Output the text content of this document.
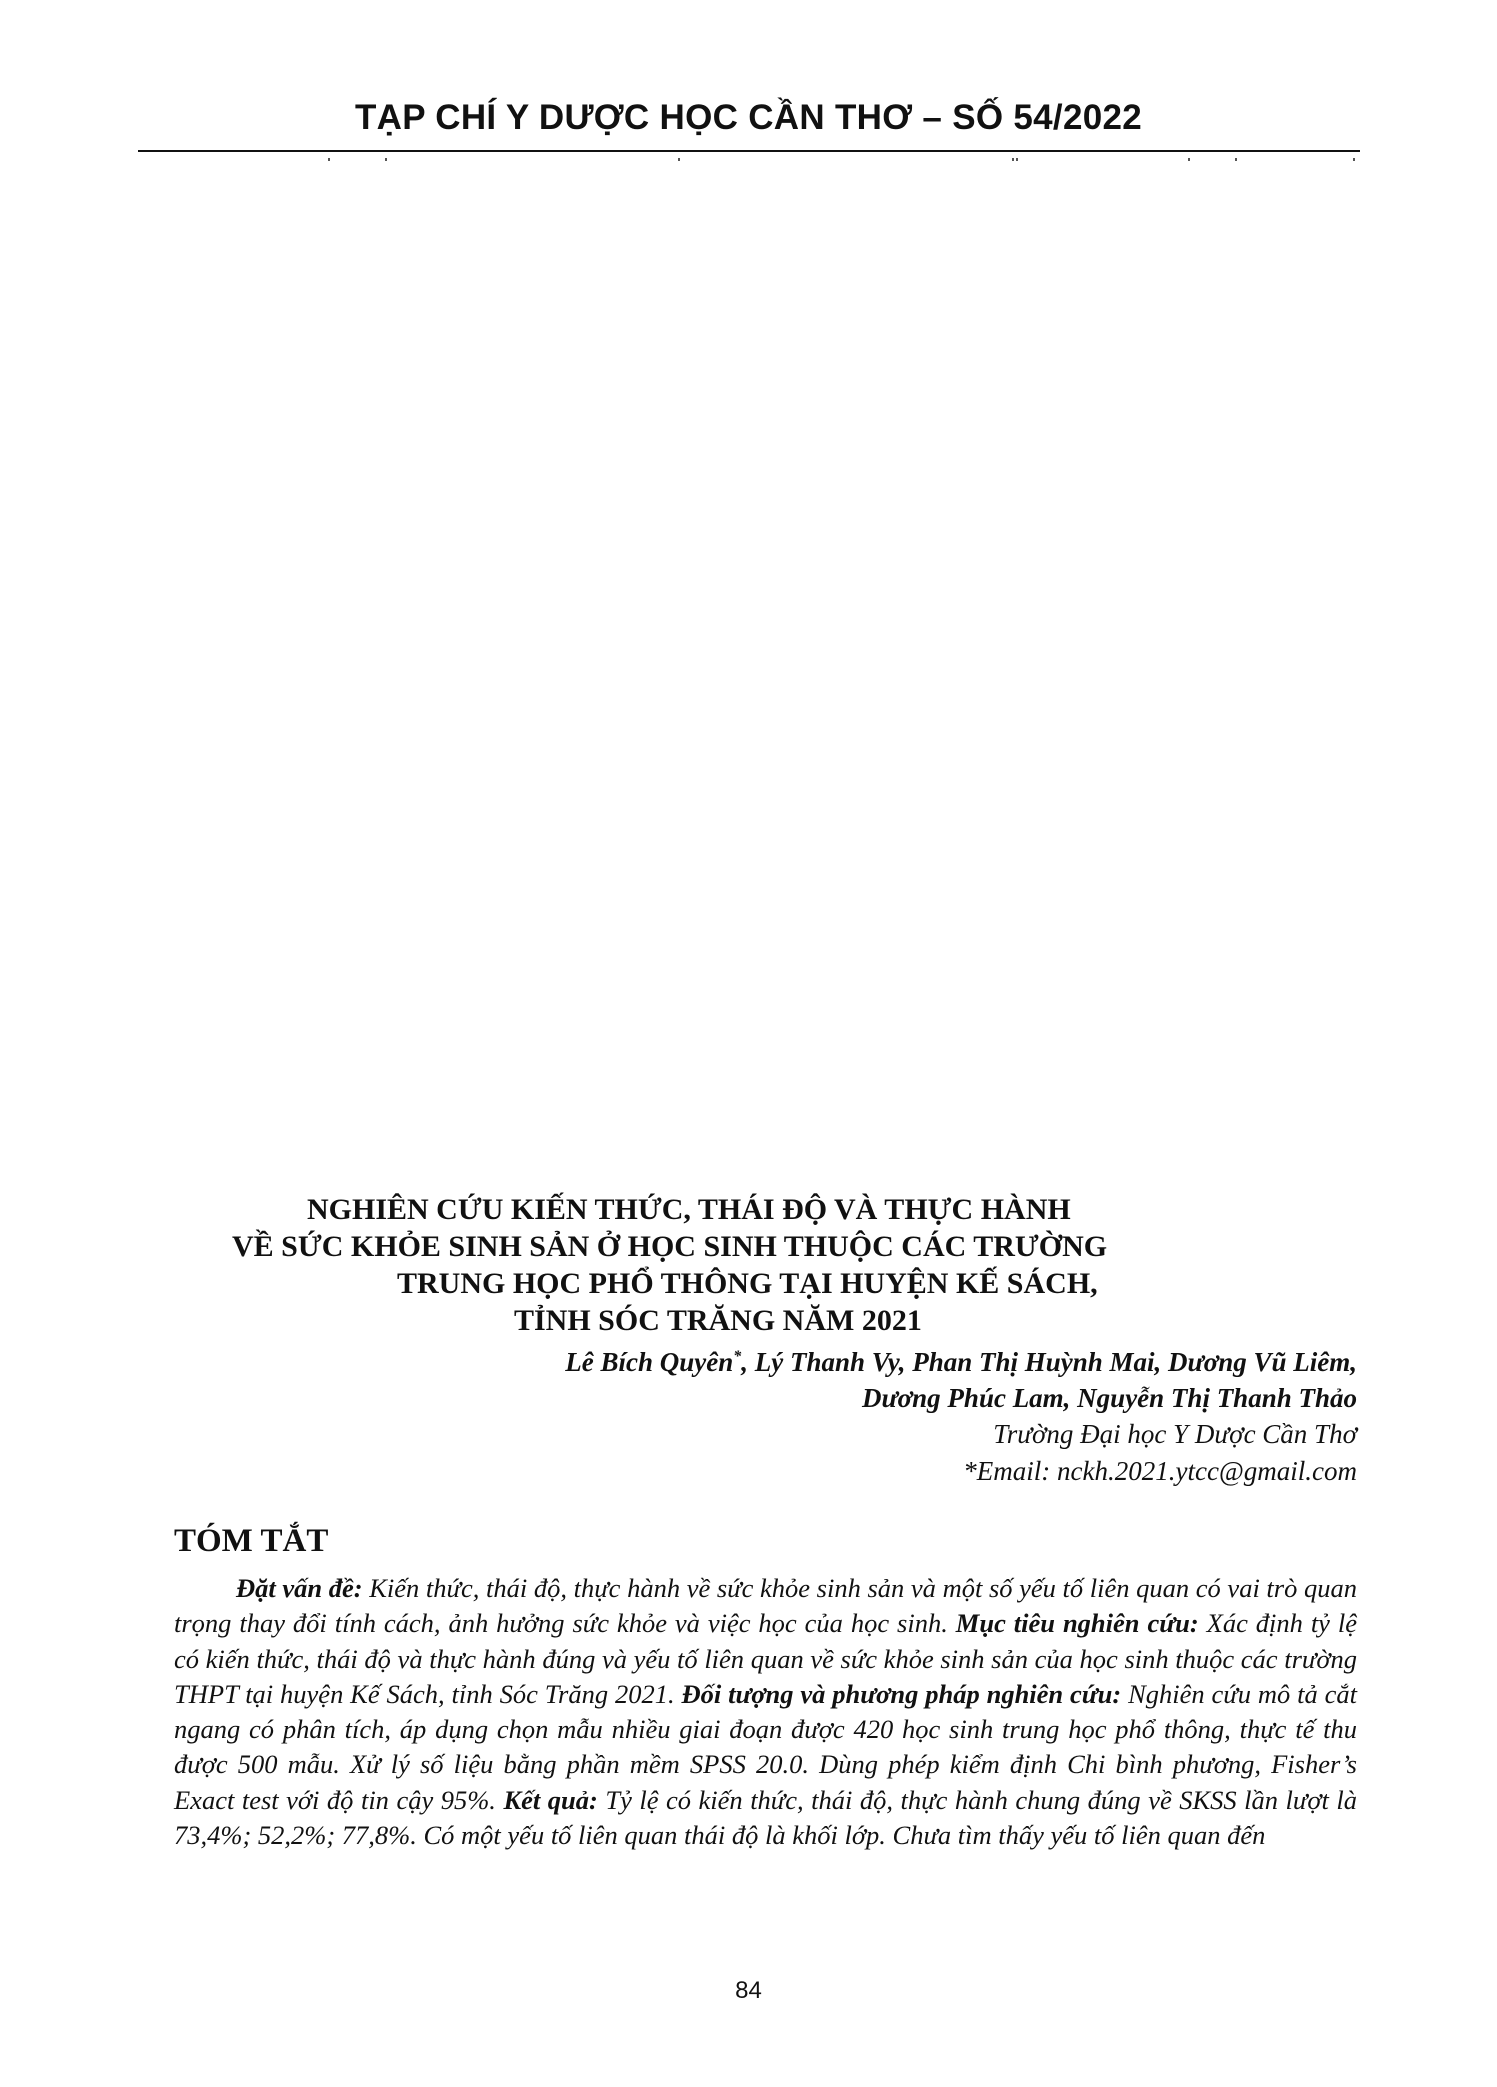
TẠP CHÍ Y DƯỢC HỌC CẦN THƠ – SỐ 54/2022
NGHIÊN CỨU KIẾN THỨC, THÁI ĐỘ VÀ THỰC HÀNH
VỀ SỨC KHỎE SINH SẢN Ở HỌC SINH THUỘC CÁC TRƯỜNG
TRUNG HỌC PHỔ THÔNG TẠI HUYỆN KẾ SÁCH,
TỈNH SÓC TRĂNG NĂM 2021
Lê Bích Quyên*, Lý Thanh Vy, Phan Thị Huỳnh Mai, Dương Vũ Liêm,
Dương Phúc Lam, Nguyễn Thị Thanh Thảo
Trường Đại học Y Dược Cần Thơ
*Email: nckh.2021.ytcc@gmail.com
TÓM TẮT

Đặt vấn đề: Kiến thức, thái độ, thực hành về sức khỏe sinh sản và một số yếu tố liên quan có vai trò quan trọng thay đổi tính cách, ảnh hưởng sức khỏe và việc học của học sinh. Mục tiêu nghiên cứu: Xác định tỷ lệ có kiến thức, thái độ và thực hành đúng và yếu tố liên quan về sức khỏe sinh sản của học sinh thuộc các trường THPT tại huyện Kế Sách, tỉnh Sóc Trăng 2021. Đối tượng và phương pháp nghiên cứu: Nghiên cứu mô tả cắt ngang có phân tích, áp dụng chọn mẫu nhiều giai đoạn được 420 học sinh trung học phổ thông, thực tế thu được 500 mẫu. Xử lý số liệu bằng phần mềm SPSS 20.0. Dùng phép kiểm định Chi bình phương, Fisher’s Exact test với độ tin cậy 95%. Kết quả: Tỷ lệ có kiến thức, thái độ, thực hành chung đúng về SKSS lần lượt là 73,4%; 52,2%; 77,8%. Có một yếu tố liên quan thái độ là khối lớp. Chưa tìm thấy yếu tố liên quan đến

84
